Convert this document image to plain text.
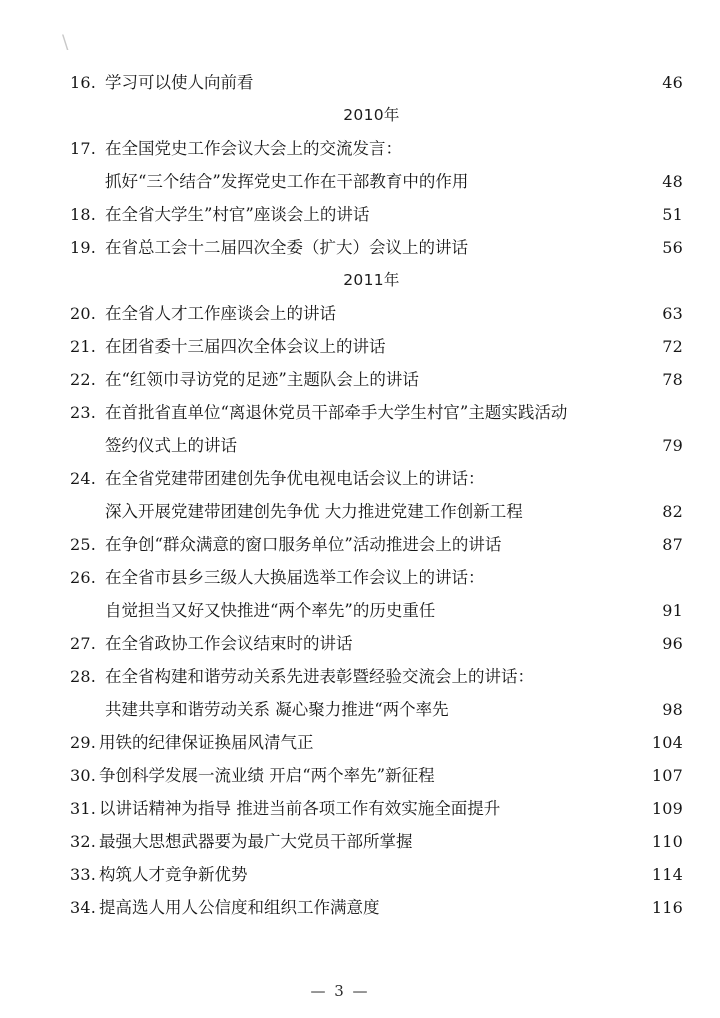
\
16. 学习可以使人向前看 ·····	46
2010年
17. 在全国党史工作会议大会上的交流发言：
抓好“三个结合”发挥党史工作在干部教育中的作用 ·····	48
18. 在全省大学生”村官”座谈会上的讲话 ·····	51
19. 在省总工会十二届四次全委（扩大）会议上的讲话 ·····	56
2011年
20. 在全省人才工作座谈会上的讲话 ·····	63
21. 在团省委十三届四次全体会议上的讲话 ·····	72
22. 在“红领巾寻访党的足迹”主题队会上的讲话 ·····	78
23. 在首批省直单位“离退休党员干部牵手大学生村官”主题实践活动
签约仪式上的讲话 ·····	79
24. 在全省党建带团建创先争优电视电话会议上的讲话：
深入开展党建带团建创先争优 大力推进党建工作创新工程 ·····	82
25. 在争创“群众满意的窗口服务单位”活动推进会上的讲话 ·····	87
26. 在全省市县乡三级人大换届选举工作会议上的讲话：
自觉担当又好又快推进“两个率先”的历史重任 ·····	91
27. 在全省政协工作会议结束时的讲话 ·····	96
28. 在全省构建和谐劳动关系先进表彰暨经验交流会上的讲话：
共建共享和谐劳动关系 凝心聚力推进“两个率先 ·····	98
29. 用铁的纪律保证换届风清气正 ·····	104
30. 争创科学发展一流业绩 开启“两个率先”新征程 ·····	107
31. 以讲话精神为指导 推进当前各项工作有效实施全面提升 ·····	109
32. 最强大思想武器要为最广大党员干部所掌握 ·····	110
33. 构筑人才竞争新优势 ·····	114
34. 提高选人用人公信度和组织工作满意度 ·····	116
— 3 —
